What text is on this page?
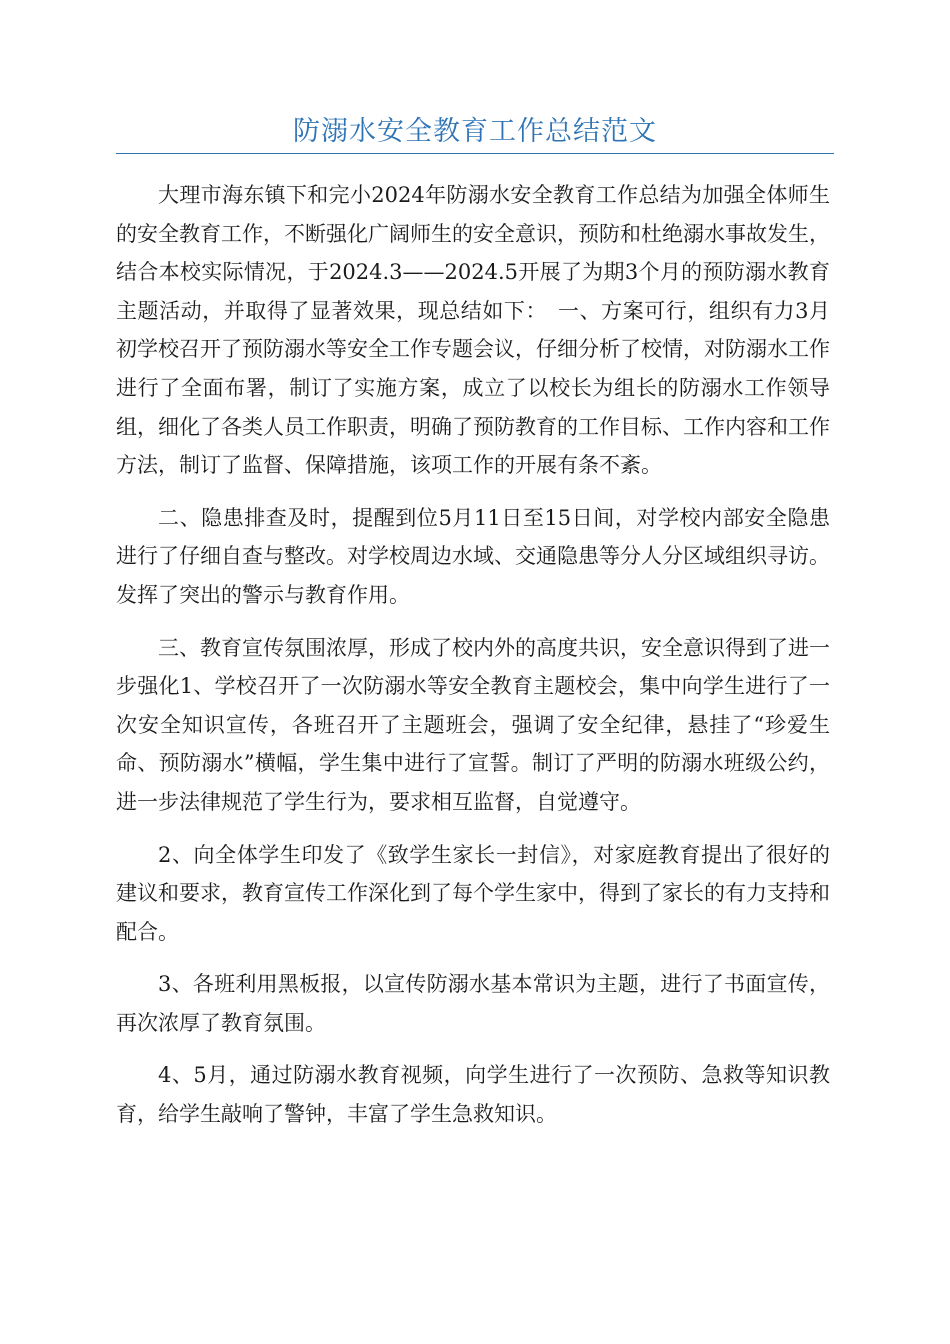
防溺水安全教育工作总结范文

大理市海东镇下和完小2024年防溺水安全教育工作总结为加强全体师生的安全教育工作，不断强化广阔师生的安全意识，预防和杜绝溺水事故发生，结合本校实际情况，于2024.3——2024.5开展了为期3个月的预防溺水教育主题活动，并取得了显著效果，现总结如下：　一、方案可行，组织有力3月初学校召开了预防溺水等安全工作专题会议，仔细分析了校情，对防溺水工作进行了全面布署，制订了实施方案，成立了以校长为组长的防溺水工作领导组，细化了各类人员工作职责，明确了预防教育的工作目标、工作内容和工作方法，制订了监督、保障措施，该项工作的开展有条不紊。

二、隐患排查及时，提醒到位5月11日至15日间，对学校内部安全隐患进行了仔细自查与整改。对学校周边水域、交通隐患等分人分区域组织寻访。发挥了突出的警示与教育作用。

三、教育宣传氛围浓厚，形成了校内外的高度共识，安全意识得到了进一步强化1、学校召开了一次防溺水等安全教育主题校会，集中向学生进行了一次安全知识宣传，各班召开了主题班会，强调了安全纪律，悬挂了“珍爱生命、预防溺水”横幅，学生集中进行了宣誓。制订了严明的防溺水班级公约，进一步法律规范了学生行为，要求相互监督，自觉遵守。

2、向全体学生印发了《致学生家长一封信》，对家庭教育提出了很好的建议和要求，教育宣传工作深化到了每个学生家中，得到了家长的有力支持和配合。

3、各班利用黑板报，以宣传防溺水基本常识为主题，进行了书面宣传，再次浓厚了教育氛围。

4、5月，通过防溺水教育视频，向学生进行了一次预防、急救等知识教育，给学生敲响了警钟，丰富了学生急救知识。
